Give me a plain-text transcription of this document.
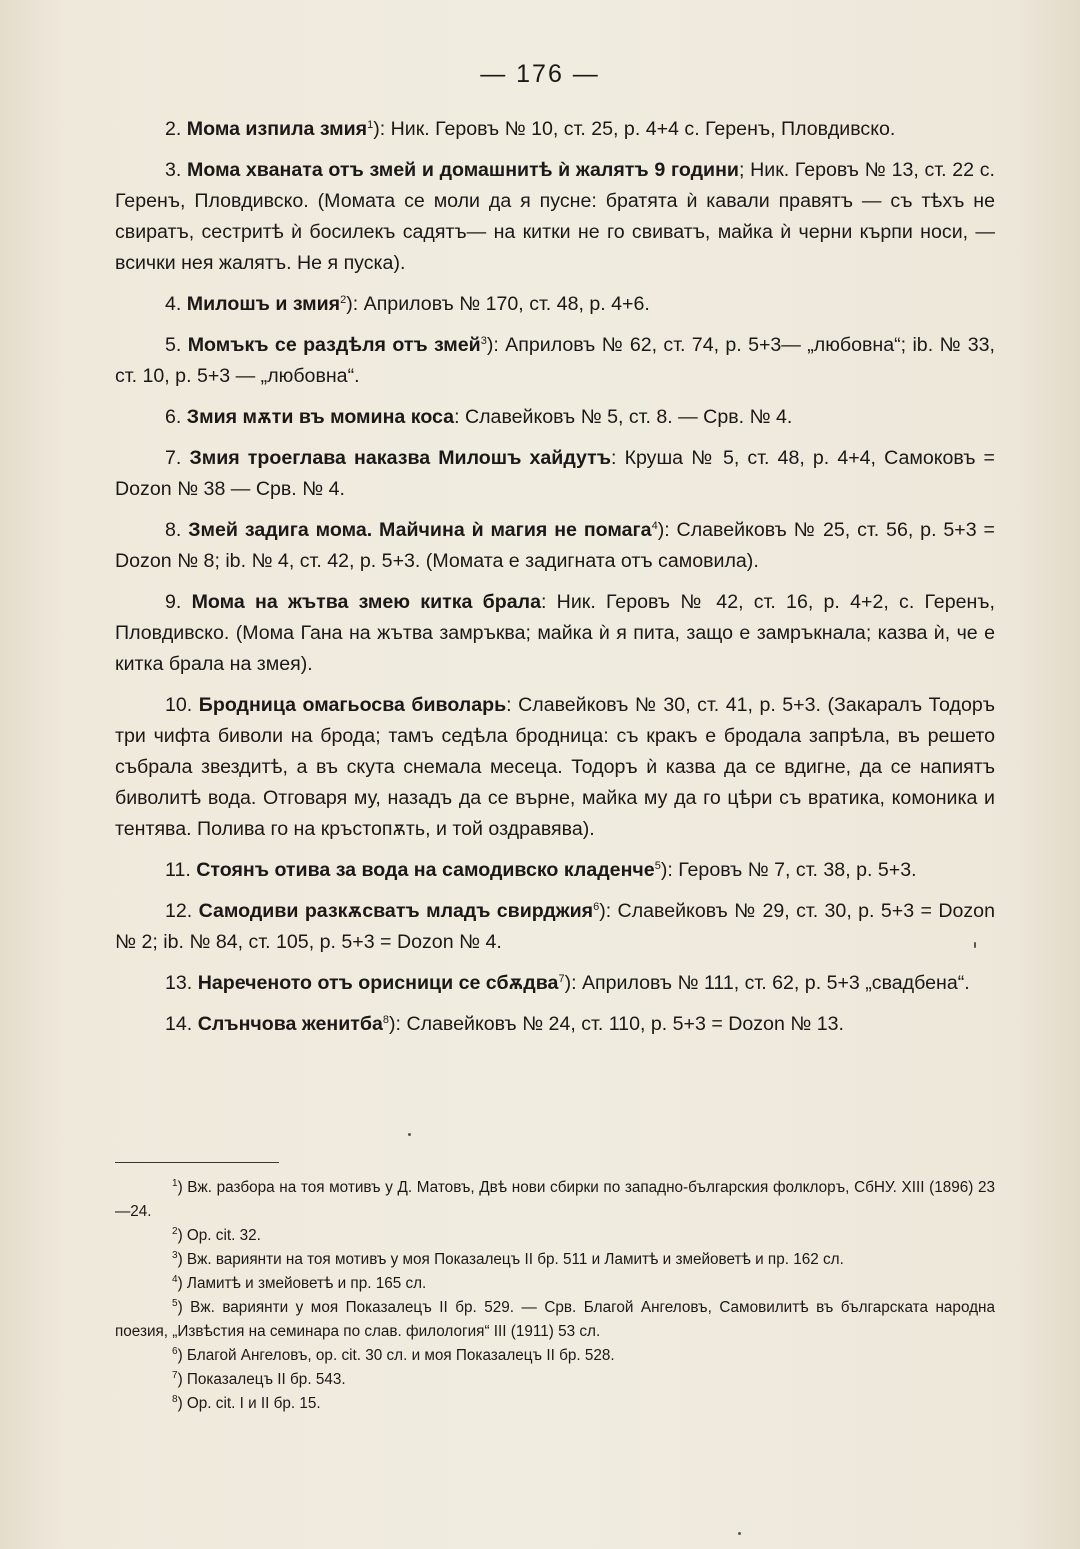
— 176 —

2. Мома изпила змия$^1$): Ник. Геровъ № 10, ст. 25, р. 4+4 с. Геренъ, Пловдивско.

3. Мома хваната отъ змей и домашнитѣ ѝ жалятъ 9 години; Ник. Геровъ № 13, ст. 22 с. Геренъ, Пловдивско. (Момата се моли да я пусне: братята ѝ кавали правятъ — съ тѣхъ не свиратъ, сестритѣ ѝ босилекъ садятъ— на китки не го свиватъ, майка ѝ черни кърпи носи, — всички нея жалятъ. Не я пуска).

4. Милошъ и змия$^2$): Априловъ № 170, ст. 48, р. 4+6.

5. Момъкъ се раздѣля отъ змей$^3$): Априловъ № 62, ст. 74, р. 5+3— „любовна“; ib. № 33, ст. 10, р. 5+3 — „любовна“.

6. Змия мѫти въ момина коса: Славейковъ № 5, ст. 8. — Срв. № 4.

7. Змия троеглава наказва Милошъ хайдутъ: Круша № 5, ст. 48, р. 4+4, Самоковъ = Dozon № 38 — Срв. № 4.

8. Змей задига мома. Майчина ѝ магия не помага$^4$): Славейковъ № 25, ст. 56, р. 5+3 = Dozon № 8; ib. № 4, ст. 42, р. 5+3. (Момата е задигната отъ самовила).

9. Мома на жътва змею китка брала: Ник. Геровъ № 42, ст. 16, р. 4+2, с. Геренъ, Пловдивско. (Мома Гана на жътва замръква; майка ѝ я пита, защо е замръкнала; казва ѝ, че е китка брала на змея).

10. Бродница омагьосва биволарь: Славейковъ № 30, ст. 41, р. 5+3. (Закаралъ Тодоръ три чифта биволи на брода; тамъ седѣла бродница: съ кракъ е бродала запрѣла, въ решето събрала звездитѣ, а въ скута снемала месеца. Тодоръ ѝ казва да се вдигне, да се напиятъ биволитѣ вода. Отговаря му, назадъ да се върне, майка му да го цѣри съ вратика, комоника и тентява. Полива го на кръстопѫть, и той оздравява).

11. Стоянъ отива за вода на самодивско кладенче$^5$): Геровъ № 7, ст. 38, р. 5+3.

12. Самодиви разкѫсватъ младъ свирджия$^6$): Славейковъ № 29, ст. 30, р. 5+3 = Dozon № 2; ib. № 84, ст. 105, р. 5+3 = Dozon № 4.

13. Нареченото отъ орисници се сбѫдва$^7$): Априловъ № 111, ст. 62, р. 5+3 „свадбена“.

14. Слънчова женитба$^8$): Славейковъ № 24, ст. 110, р. 5+3 = Dozon № 13.

$^1$) Вж. разбора на тоя мотивъ у Д. Матовъ, Двѣ нови сбирки по западно-българския фолклоръ, СбНУ. XIII (1896) 23—24.

$^2$) Op. cit. 32.

$^3$) Вж. вариянти на тоя мотивъ у моя Показалецъ II бр. 511 и Ламитѣ и змейоветѣ и пр. 162 сл.

$^4$) Ламитѣ и змейоветѣ и пр. 165 сл.

$^5$) Вж. вариянти у моя Показалецъ II бр. 529. — Срв. Благой Ангеловъ, Самовилитѣ въ българската народна поезия, „Извѣстия на семинара по слав. филология“ III (1911) 53 сл.

$^6$) Благой Ангеловъ, op. cit. 30 сл. и моя Показалецъ II бр. 528.

$^7$) Показалецъ II бр. 543.

$^8$) Op. cit. I и II бр. 15.
